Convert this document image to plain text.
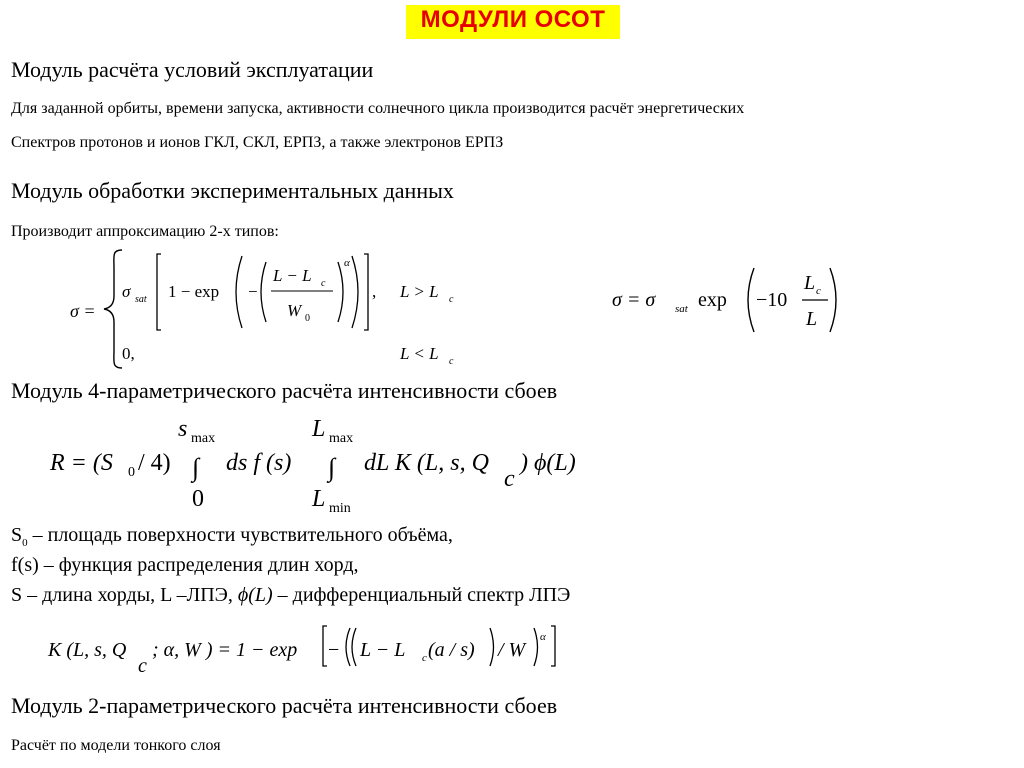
МОДУЛИ ОСОТ
Модуль расчёта условий эксплуатации
Для заданной орбиты, времени запуска, активности солнечного цикла производится расчёт энергетических
Спектров протонов и ионов ГКЛ, СКЛ, ЕРПЗ, а также электронов ЕРПЗ
Модуль обработки экспериментальных данных
Производит аппроксимацию 2-х типов:
σ =
σ sat 1 − exp −
L − L c
W 0
α
, L > L c
0,	L < L c
σ = σ sat exp −10
L c
L
Модуль 4-параметрического расчёта интенсивности сбоев
R = (S 0 / 4)
s max
∫
0
ds f (s)
L max
∫
L min
dL K (L, s, Q
c
) ϕ(L)
$S_0$ – площадь поверхности чувствительного объёма,
f(s) – функция распределения длин хорд,
S – длина хорды, L –ЛПЭ, ϕ(L) – дифференциальный спектр ЛПЭ
K (L, s, Q
c
; α, W ) = 1 − exp − L − L c (a / s) / W
α
Модуль 2-параметрического расчёта интенсивности сбоев
Расчёт по модели тонкого слоя
